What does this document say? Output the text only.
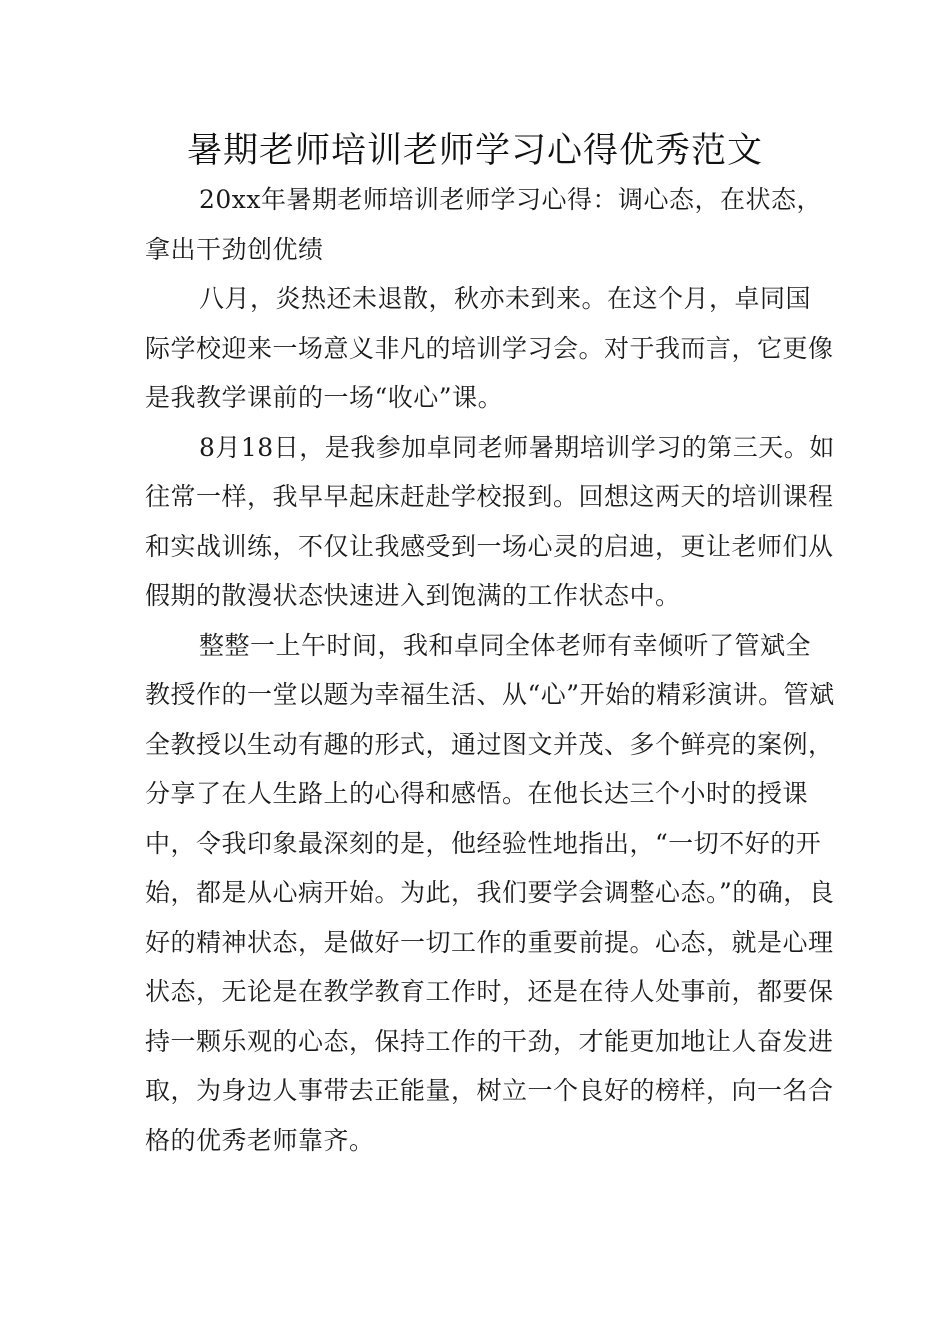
暑期老师培训老师学习心得优秀范文

20xx年暑期老师培训老师学习心得：调心态，在状态，拿出干劲创优绩

八月，炎热还未退散，秋亦未到来。在这个月，卓同国际学校迎来一场意义非凡的培训学习会。对于我而言，它更像是我教学课前的一场“收心”课。

8月18日，是我参加卓同老师暑期培训学习的第三天。如往常一样，我早早起床赶赴学校报到。回想这两天的培训课程和实战训练，不仅让我感受到一场心灵的启迪，更让老师们从假期的散漫状态快速进入到饱满的工作状态中。

整整一上午时间，我和卓同全体老师有幸倾听了管斌全教授作的一堂以题为幸福生活、从“心”开始的精彩演讲。管斌全教授以生动有趣的形式，通过图文并茂、多个鲜亮的案例，分享了在人生路上的心得和感悟。在他长达三个小时的授课中，令我印象最深刻的是，他经验性地指出，“一切不好的开始，都是从心病开始。为此，我们要学会调整心态。”的确，良好的精神状态，是做好一切工作的重要前提。心态，就是心理状态，无论是在教学教育工作时，还是在待人处事前，都要保持一颗乐观的心态，保持工作的干劲，才能更加地让人奋发进取，为身边人事带去正能量，树立一个良好的榜样，向一名合格的优秀老师靠齐。
